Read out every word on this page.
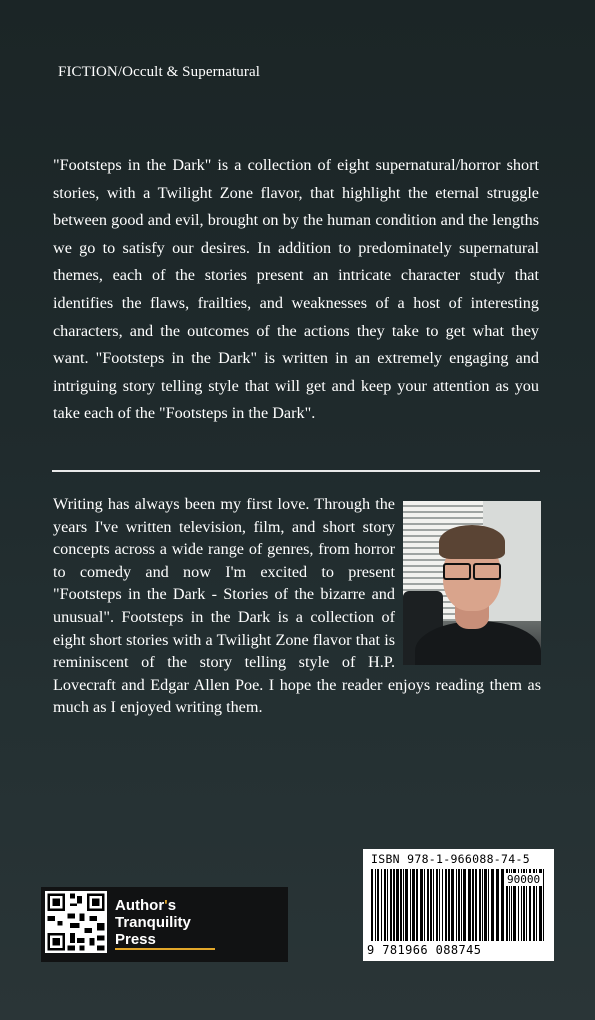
FICTION/Occult & Supernatural

"Footsteps in the Dark" is a collection of eight supernatural/horror short stories, with a Twilight Zone flavor, that highlight the eternal struggle between good and evil, brought on by the human condition and the lengths we go to satisfy our desires. In addition to predominately supernatural themes, each of the stories present an intricate character study that identifies the flaws, frailties, and weaknesses of a host of interesting characters, and the outcomes of the actions they take to get what they want. "Footsteps in the Dark" is written in an extremely engaging and intriguing story telling style that will get and keep your attention as you take each of the "Footsteps in the Dark".

Writing has always been my first love. Through the years I've written television, film, and short story concepts across a wide range of genres, from horror to comedy and now I'm excited to present "Footsteps in the Dark - Stories of the bizarre and unusual". Footsteps in the Dark is a collection of eight short stories with a Twilight Zone flavor that is reminiscent of the story telling style of H.P. Lovecraft and Edgar Allen Poe. I hope the reader enjoys reading them as much as I enjoyed writing them.
Author's
Tranquility
Press
ISBN 978-1-966088-74-5
9 781966 088745
90000
